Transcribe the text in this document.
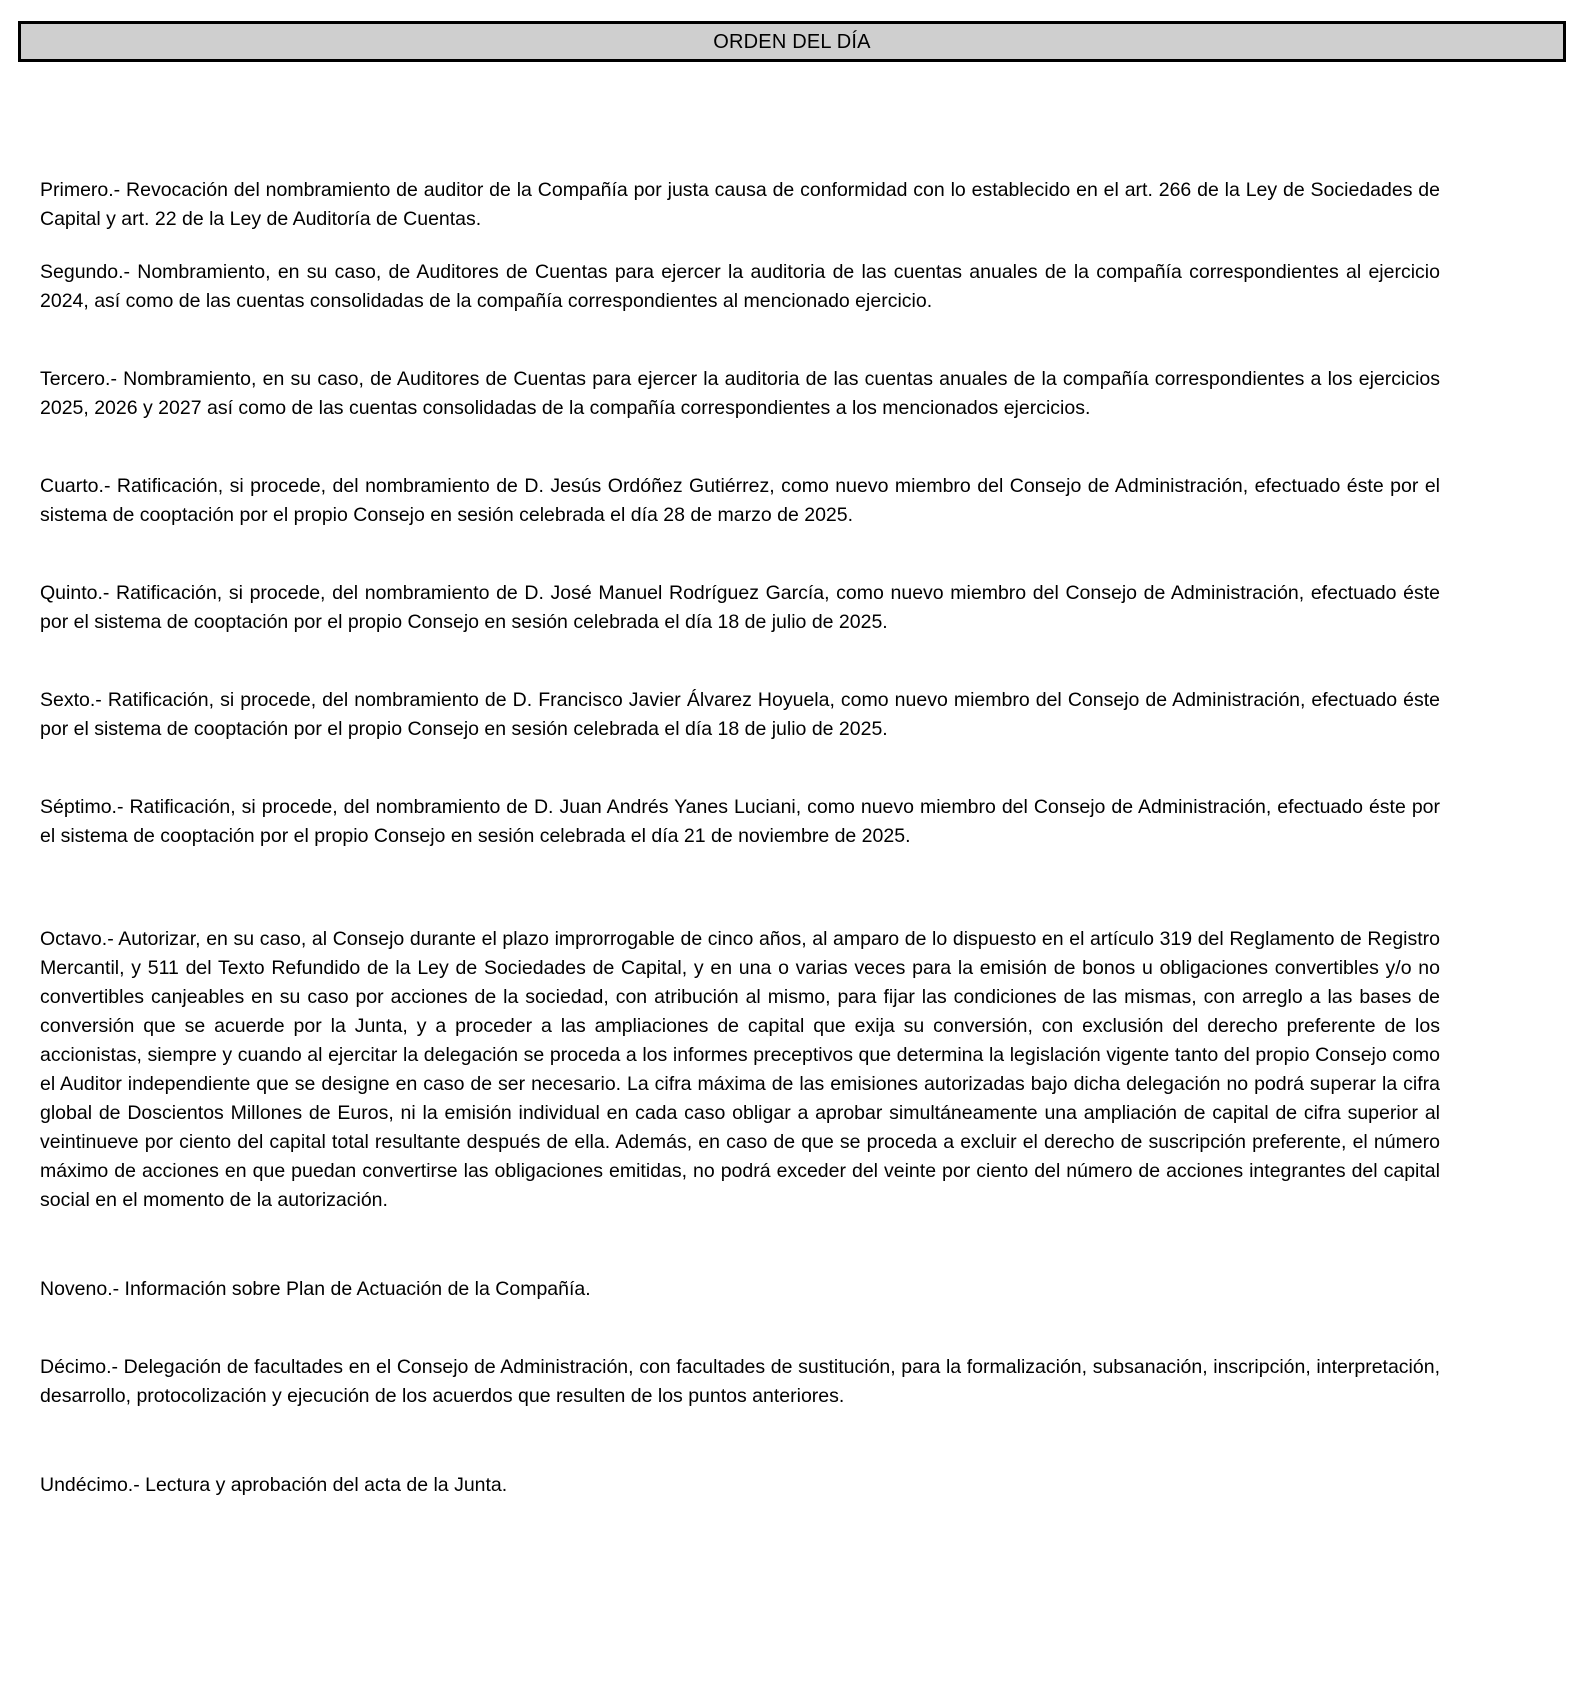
ORDEN DEL DÍA

Primero.- Revocación del nombramiento de auditor de la Compañía por justa causa de conformidad con lo establecido en el art. 266 de la Ley de Sociedades de Capital y art. 22 de la Ley de Auditoría de Cuentas.

Segundo.- Nombramiento, en su caso, de Auditores de Cuentas para ejercer la auditoria de las cuentas anuales de la compañía correspondientes al ejercicio 2024, así como de las cuentas consolidadas de la compañía correspondientes al mencionado ejercicio.

Tercero.- Nombramiento, en su caso, de Auditores de Cuentas para ejercer la auditoria de las cuentas anuales de la compañía correspondientes a los ejercicios 2025, 2026 y 2027 así como de las cuentas consolidadas de la compañía correspondientes a los mencionados ejercicios.

Cuarto.- Ratificación, si procede, del nombramiento de D. Jesús Ordóñez Gutiérrez, como nuevo miembro del Consejo de Administración, efectuado éste por el sistema de cooptación por el propio Consejo en sesión celebrada el día 28 de marzo de 2025.

Quinto.- Ratificación, si procede, del nombramiento de D. José Manuel Rodríguez García, como nuevo miembro del Consejo de Administración, efectuado éste por el sistema de cooptación por el propio Consejo en sesión celebrada el día 18 de julio de 2025.

Sexto.- Ratificación, si procede, del nombramiento de D. Francisco Javier Álvarez Hoyuela, como nuevo miembro del Consejo de Administración, efectuado éste por el sistema de cooptación por el propio Consejo en sesión celebrada el día 18 de julio de 2025.

Séptimo.- Ratificación, si procede, del nombramiento de D. Juan Andrés Yanes Luciani, como nuevo miembro del Consejo de Administración, efectuado éste por el sistema de cooptación por el propio Consejo en sesión celebrada el día 21 de noviembre de 2025.

Octavo.- Autorizar, en su caso, al Consejo durante el plazo improrrogable de cinco años, al amparo de lo dispuesto en el artículo 319 del Reglamento de Registro Mercantil, y 511 del Texto Refundido de la Ley de Sociedades de Capital, y en una o varias veces para la emisión de bonos u obligaciones convertibles y/o no convertibles canjeables en su caso por acciones de la sociedad, con atribución al mismo, para fijar las condiciones de las mismas, con arreglo a las bases de conversión que se acuerde por la Junta, y a proceder a las ampliaciones de capital que exija su conversión, con exclusión del derecho preferente de los accionistas, siempre y cuando al ejercitar la delegación se proceda a los informes preceptivos que determina la legislación vigente tanto del propio Consejo como el Auditor independiente que se designe en caso de ser necesario. La cifra máxima de las emisiones autorizadas bajo dicha delegación no podrá superar la cifra global de Doscientos Millones de Euros, ni la emisión individual en cada caso obligar a aprobar simultáneamente una ampliación de capital de cifra superior al veintinueve por ciento del capital total resultante después de ella. Además, en caso de que se proceda a excluir el derecho de suscripción preferente, el número máximo de acciones en que puedan convertirse las obligaciones emitidas, no podrá exceder del veinte por ciento del número de acciones integrantes del capital social en el momento de la autorización.

Noveno.- Información sobre Plan de Actuación de la Compañía.

Décimo.- Delegación de facultades en el Consejo de Administración, con facultades de sustitución, para la formalización, subsanación, inscripción, interpretación, desarrollo, protocolización y ejecución de los acuerdos que resulten de los puntos anteriores.

Undécimo.- Lectura y aprobación del acta de la Junta.
